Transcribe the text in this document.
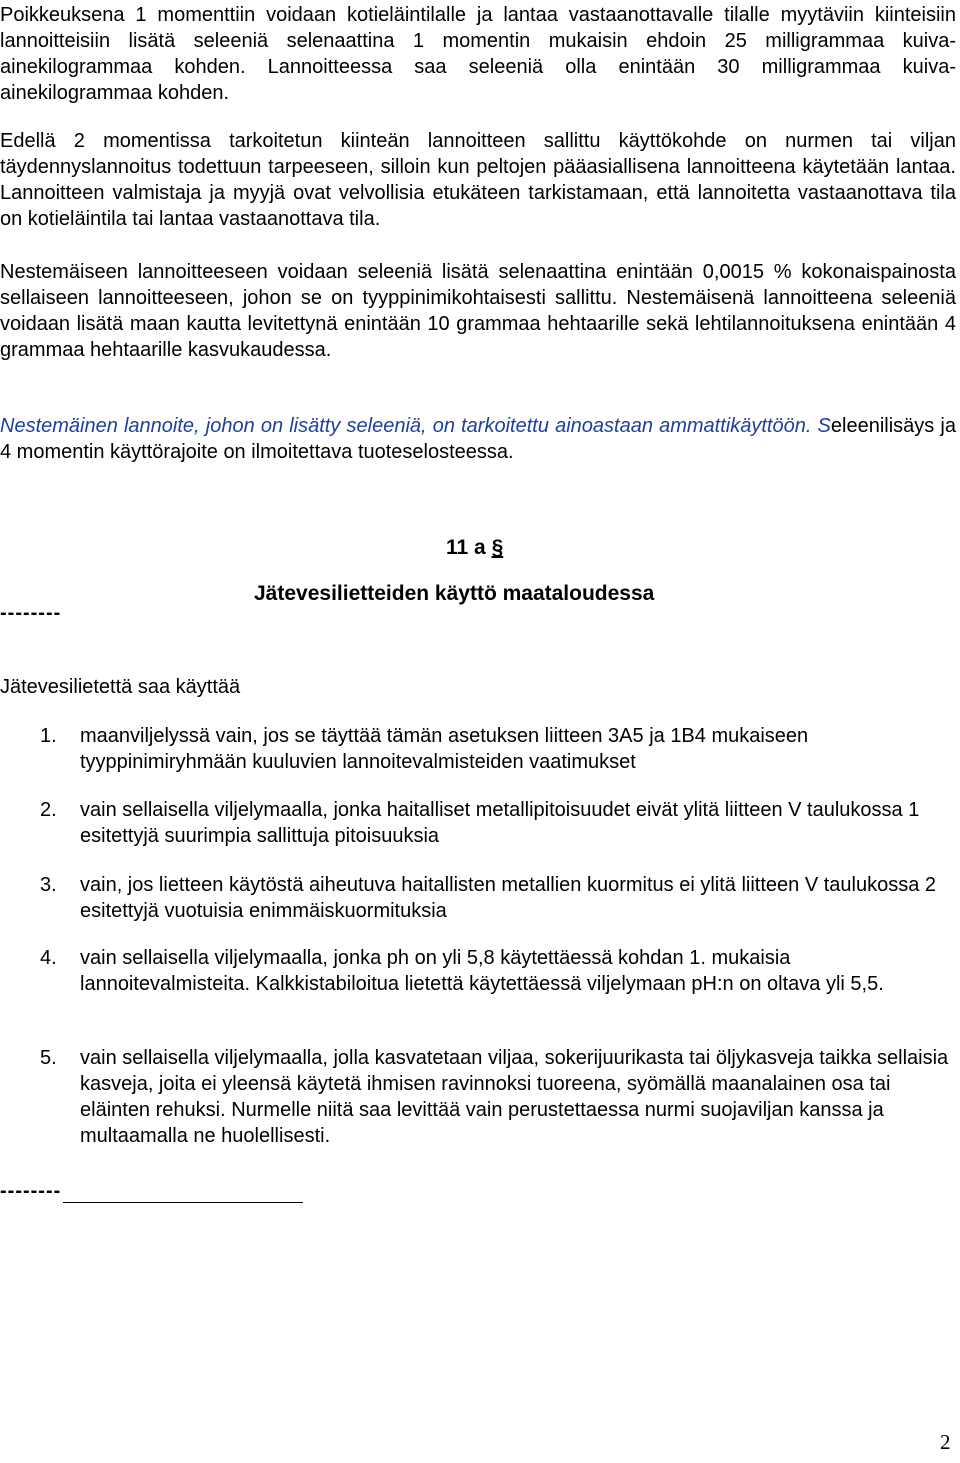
Poikkeuksena 1 momenttiin voidaan kotieläintilalle ja lantaa vastaanottavalle tilalle myytäviin kiinteisiin lannoitteisiin lisätä seleeniä selenaattina 1 momentin mukaisin ehdoin 25 milligrammaa kuiva-ainekilogrammaa kohden. Lannoitteessa saa seleeniä olla enintään 30 milligrammaa kuiva-ainekilogrammaa kohden.

Edellä 2 momentissa tarkoitetun kiinteän lannoitteen sallittu käyttökohde on nurmen tai viljan täydennyslannoitus todettuun tarpeeseen, silloin kun peltojen pääasiallisena lannoitteena käytetään lantaa. Lannoitteen valmistaja ja myyjä ovat velvollisia etukäteen tarkistamaan, että lannoitetta vastaanottava tila on kotieläintila tai lantaa vastaanottava tila.

Nestemäiseen lannoitteeseen voidaan seleeniä lisätä selenaattina enintään 0,0015 % kokonaispainosta sellaiseen lannoitteeseen, johon se on tyyppinimikohtaisesti sallittu. Nestemäisenä lannoitteena seleeniä voidaan lisätä maan kautta levitettynä enintään 10 grammaa hehtaarille sekä lehtilannoituksena enintään 4 grammaa hehtaarille kasvukaudessa.

Nestemäinen lannoite, johon on lisätty seleeniä, on tarkoitettu ainoastaan ammattikäyttöön. Seleenilisäys ja 4 momentin käyttörajoite on ilmoitettava tuoteselosteessa.

11 a §

Jätevesilietteiden käyttö maataloudessa

--------

Jätevesilietettä saa käyttää

1. maanviljelyssä vain, jos se täyttää tämän asetuksen liitteen 3A5 ja 1B4 mukaiseen tyyppinimiryhmään kuuluvien lannoitevalmisteiden vaatimukset
2. vain sellaisella viljelymaalla, jonka haitalliset metallipitoisuudet eivät ylitä liitteen V taulukossa 1 esitettyjä suurimpia sallittuja pitoisuuksia
3. vain, jos lietteen käytöstä aiheutuva haitallisten metallien kuormitus ei ylitä liitteen V taulukossa 2 esitettyjä vuotuisia enimmäiskuormituksia
4. vain sellaisella viljelymaalla, jonka ph on yli 5,8 käytettäessä kohdan 1. mukaisia lannoitevalmisteita. Kalkkistabiloitua lietettä käytettäessä viljelymaan pH:n on oltava yli 5,5.
5. vain sellaisella viljelymaalla, jolla kasvatetaan viljaa, sokerijuurikasta tai öljykasveja taikka sellaisia kasveja, joita ei yleensä käytetä ihmisen ravinnoksi tuoreena, syömällä maanalainen osa tai eläinten rehuksi. Nurmelle niitä saa levittää vain perustettaessa nurmi suojaviljan kanssa ja multaamalla ne huolellisesti.

--------

2
